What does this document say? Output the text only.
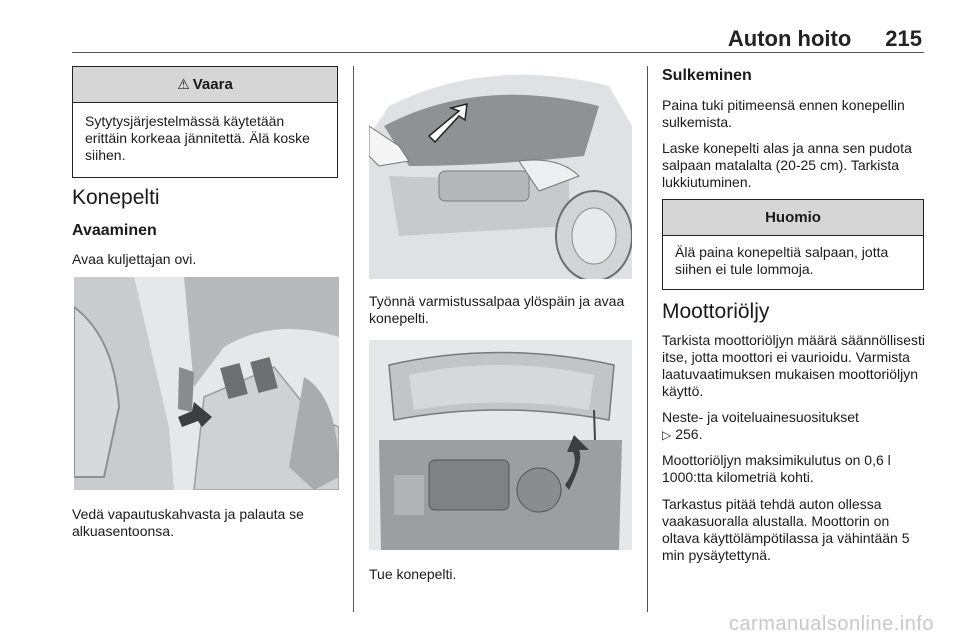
Auton hoito 215
⚠ Vaara
Sytytysjärjestelmässä käytetään erittäin korkeaa jännitettä. Älä koske siihen.
Konepelti
Avaaminen
Avaa kuljettajan ovi.
Vedä vapautuskahvasta ja palauta se alkuasentoonsa.
Työnnä varmistussalpaa ylöspäin ja avaa konepelti.
Tue konepelti.
Sulkeminen
Paina tuki pitimeensä ennen konepellin sulkemista.
Laske konepelti alas ja anna sen pudota salpaan matalalta (20-25 cm). Tarkista lukkiutuminen.
Huomio
Älä paina konepeltiä salpaan, jotta siihen ei tule lommoja.
Moottoriöljy
Tarkista moottoriöljyn määrä säännöllisesti itse, jotta moottori ei vaurioidu. Varmista laatuvaatimuksen mukaisen moottoriöljyn käyttö.
Neste- ja voiteluainesuositukset
▷ 256.
Moottoriöljyn maksimikulutus on 0,6 l 1000:tta kilometriä kohti.
Tarkastus pitää tehdä auton ollessa vaakasuoralla alustalla. Moottorin on oltava käyttölämpötilassa ja vähintään 5 min pysäytettynä.
carmanualsonline.info
